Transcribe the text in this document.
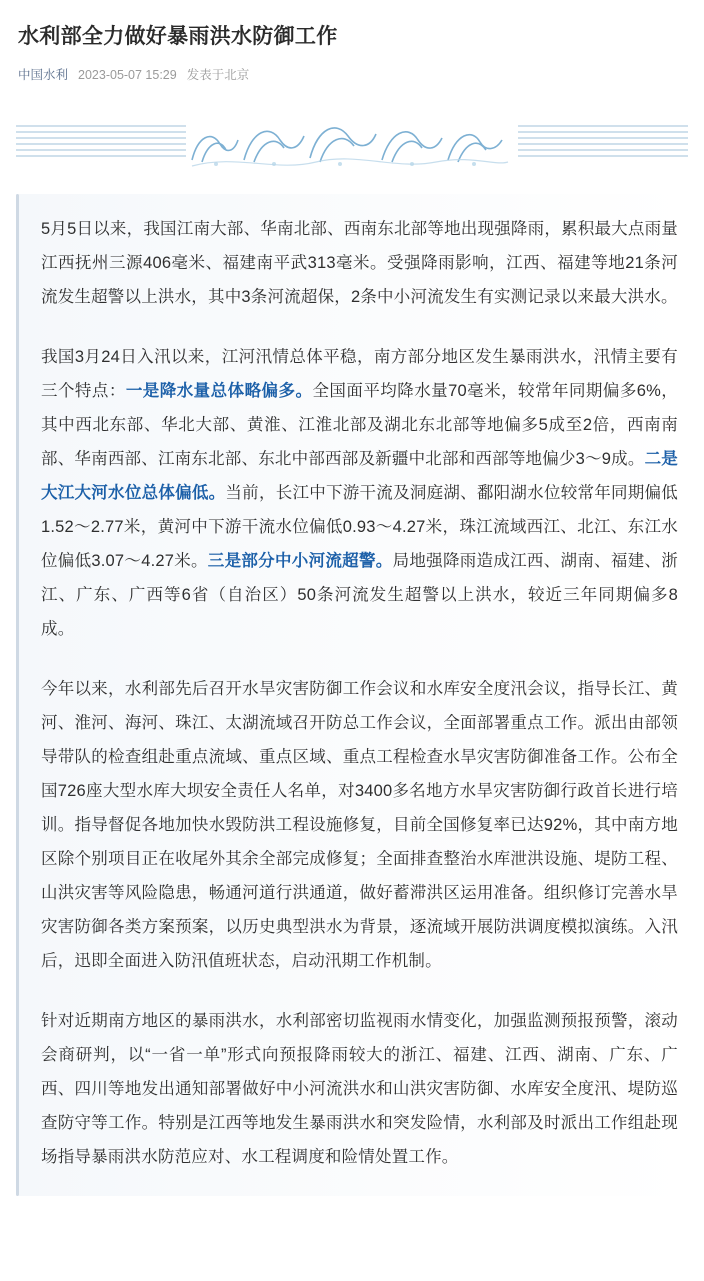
水利部全力做好暴雨洪水防御工作
中国水利 2023-05-07 15:29 发表于北京

5月5日以来，我国江南大部、华南北部、西南东北部等地出现强降雨，累积最大点雨量江西抚州三源406毫米、福建南平武313毫米。受强降雨影响，江西、福建等地21条河流发生超警以上洪水，其中3条河流超保，2条中小河流发生有实测记录以来最大洪水。

我国3月24日入汛以来，江河汛情总体平稳，南方部分地区发生暴雨洪水，汛情主要有三个特点：一是降水量总体略偏多。全国面平均降水量70毫米，较常年同期偏多6%，其中西北东部、华北大部、黄淮、江淮北部及湖北东北部等地偏多5成至2倍，西南南部、华南西部、江南东北部、东北中部西部及新疆中北部和西部等地偏少3～9成。二是大江大河水位总体偏低。当前，长江中下游干流及洞庭湖、鄱阳湖水位较常年同期偏低1.52～2.77米，黄河中下游干流水位偏低0.93～4.27米，珠江流域西江、北江、东江水位偏低3.07～4.27米。三是部分中小河流超警。局地强降雨造成江西、湖南、福建、浙江、广东、广西等6省（自治区）50条河流发生超警以上洪水，较近三年同期偏多8成。

今年以来，水利部先后召开水旱灾害防御工作会议和水库安全度汛会议，指导长江、黄河、淮河、海河、珠江、太湖流域召开防总工作会议，全面部署重点工作。派出由部领导带队的检查组赴重点流域、重点区域、重点工程检查水旱灾害防御准备工作。公布全国726座大型水库大坝安全责任人名单，对3400多名地方水旱灾害防御行政首长进行培训。指导督促各地加快水毁防洪工程设施修复，目前全国修复率已达92%，其中南方地区除个别项目正在收尾外其余全部完成修复；全面排查整治水库泄洪设施、堤防工程、山洪灾害等风险隐患，畅通河道行洪通道，做好蓄滞洪区运用准备。组织修订完善水旱灾害防御各类方案预案，以历史典型洪水为背景，逐流域开展防洪调度模拟演练。入汛后，迅即全面进入防汛值班状态，启动汛期工作机制。

针对近期南方地区的暴雨洪水，水利部密切监视雨水情变化，加强监测预报预警，滚动会商研判，以“一省一单”形式向预报降雨较大的浙江、福建、江西、湖南、广东、广西、四川等地发出通知部署做好中小河流洪水和山洪灾害防御、水库安全度汛、堤防巡查防守等工作。特别是江西等地发生暴雨洪水和突发险情，水利部及时派出工作组赴现场指导暴雨洪水防范应对、水工程调度和险情处置工作。
